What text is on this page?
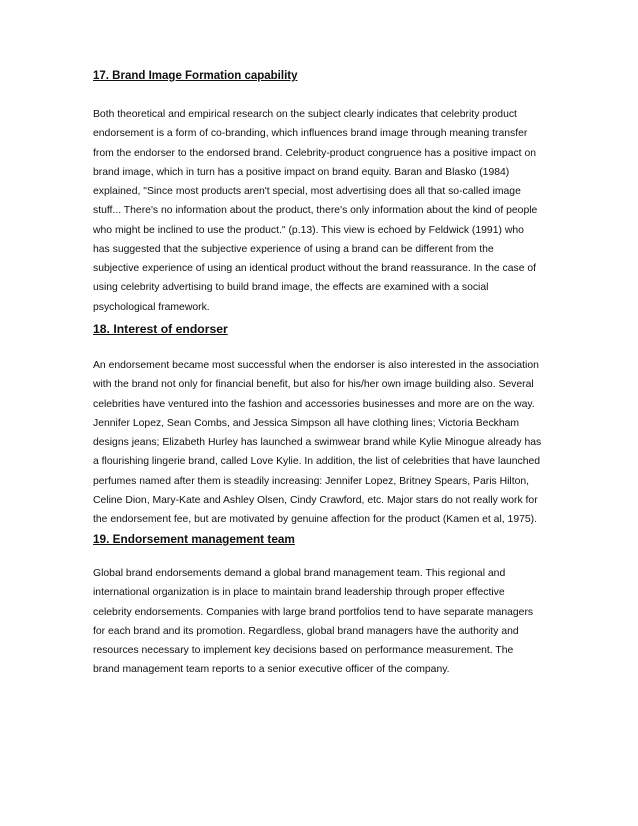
17. Brand Image Formation capability
Both theoretical and empirical research on the subject clearly indicates that celebrity product
endorsement is a form of co-branding, which influences brand image through meaning transfer
from the endorser to the endorsed brand. Celebrity-product congruence has a positive impact on
brand image, which in turn has a positive impact on brand equity. Baran and Blasko (1984)
explained, "Since most products aren't special, most advertising does all that so-called image
stuff... There's no information about the product, there's only information about the kind of people
who might be inclined to use the product." (p.13). This view is echoed by Feldwick (1991) who
has suggested that the subjective experience of using a brand can be different from the
subjective experience of using an identical product without the brand reassurance. In the case of
using celebrity advertising to build brand image, the effects are examined with a social
psychological framework.
18. Interest of endorser
An endorsement became most successful when the endorser is also interested in the association
with the brand not only for financial benefit, but also for his/her own image building also. Several
celebrities have ventured into the fashion and accessories businesses and more are on the way.
Jennifer Lopez, Sean Combs, and Jessica Simpson all have clothing lines; Victoria Beckham
designs jeans; Elizabeth Hurley has launched a swimwear brand while Kylie Minogue already has
a flourishing lingerie brand, called Love Kylie. In addition, the list of celebrities that have launched
perfumes named after them is steadily increasing: Jennifer Lopez, Britney Spears, Paris Hilton,
Celine Dion, Mary-Kate and Ashley Olsen, Cindy Crawford, etc. Major stars do not really work for
the endorsement fee, but are motivated by genuine affection for the product (Kamen et al, 1975).
19. Endorsement management team
Global brand endorsements demand a global brand management team. This regional and
international organization is in place to maintain brand leadership through proper effective
celebrity endorsements. Companies with large brand portfolios tend to have separate managers
for each brand and its promotion. Regardless, global brand managers have the authority and
resources necessary to implement key decisions based on performance measurement. The
brand management team reports to a senior executive officer of the company.
